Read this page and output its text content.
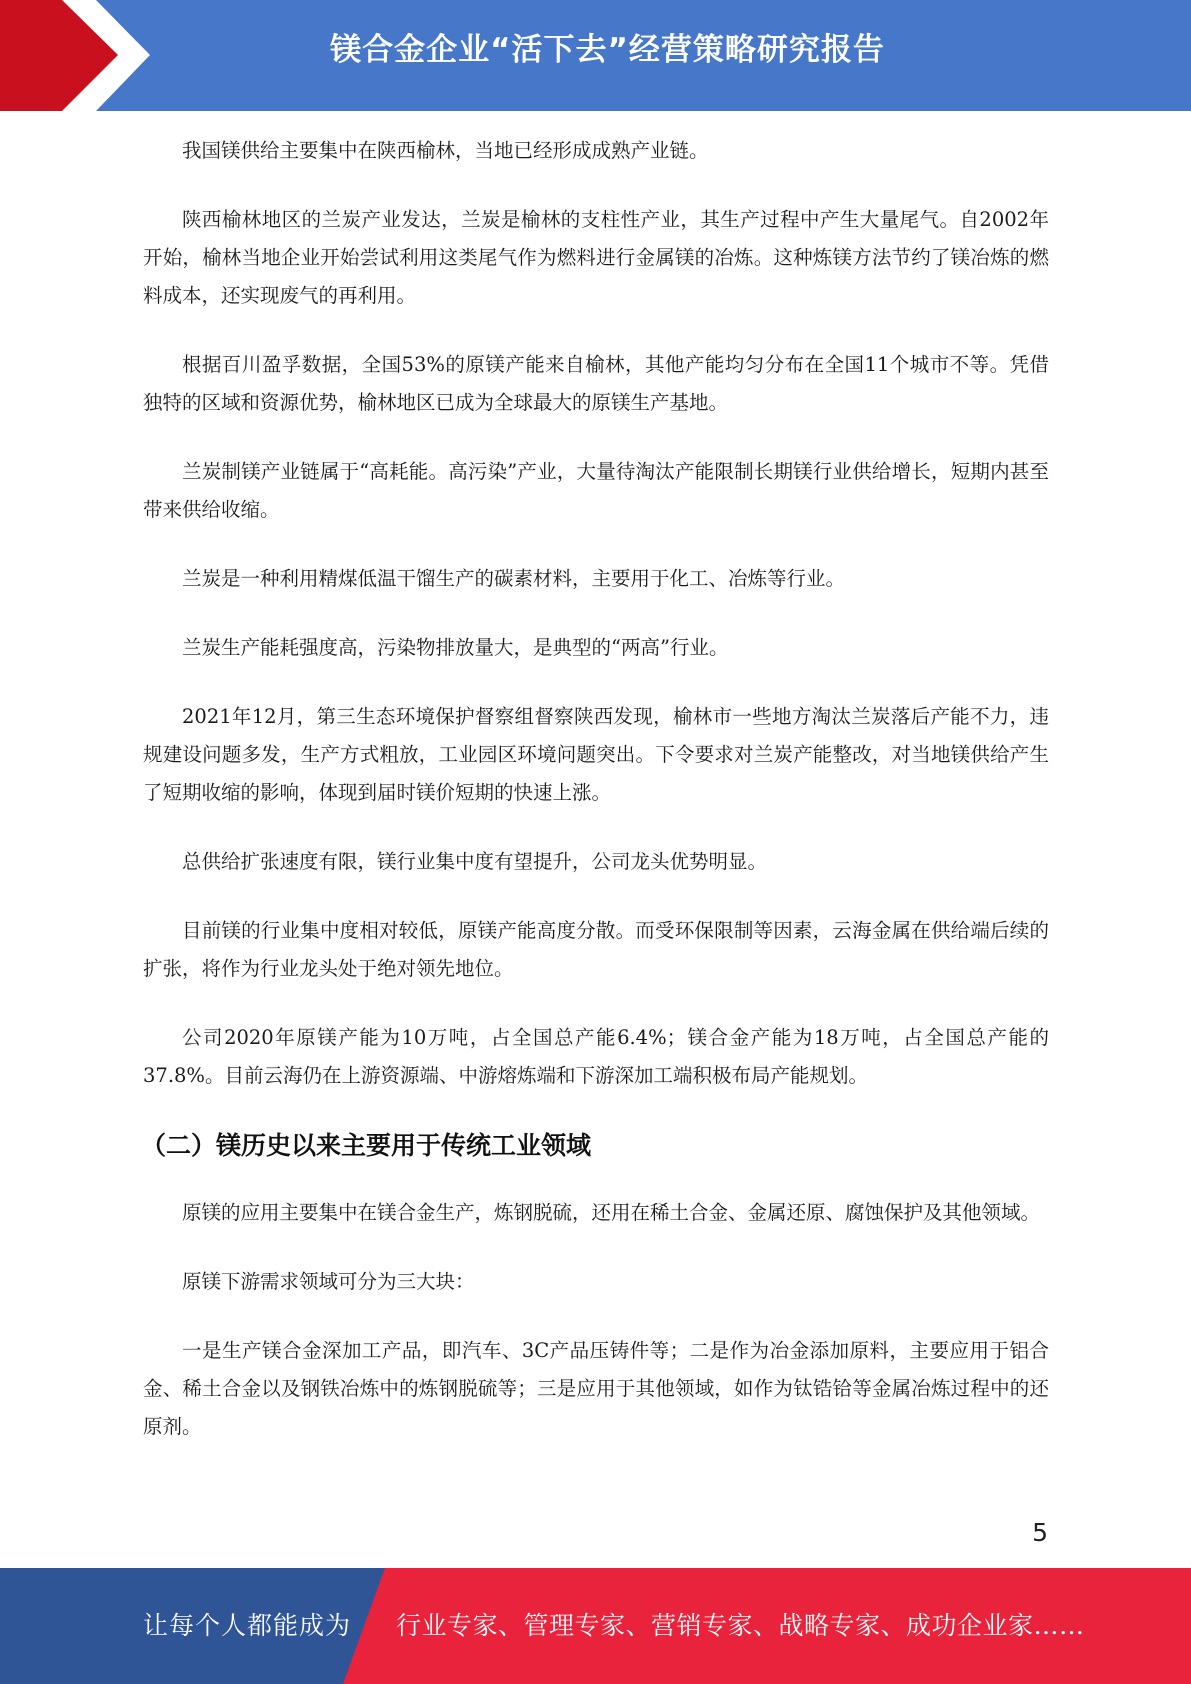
镁合金企业“活下去”经营策略研究报告

我国镁供给主要集中在陕西榆林，当地已经形成成熟产业链。

陕西榆林地区的兰炭产业发达，兰炭是榆林的支柱性产业，其生产过程中产生大量尾气。自2002年开始，榆林当地企业开始尝试利用这类尾气作为燃料进行金属镁的冶炼。这种炼镁方法节约了镁冶炼的燃料成本，还实现废气的再利用。

根据百川盈孚数据，全国53%的原镁产能来自榆林，其他产能均匀分布在全国11个城市不等。凭借独特的区域和资源优势，榆林地区已成为全球最大的原镁生产基地。

兰炭制镁产业链属于“高耗能。高污染”产业，大量待淘汰产能限制长期镁行业供给增长，短期内甚至带来供给收缩。

兰炭是一种利用精煤低温干馏生产的碳素材料，主要用于化工、冶炼等行业。

兰炭生产能耗强度高，污染物排放量大，是典型的“两高”行业。

2021年12月，第三生态环境保护督察组督察陕西发现，榆林市一些地方淘汰兰炭落后产能不力，违规建设问题多发，生产方式粗放，工业园区环境问题突出。下令要求对兰炭产能整改，对当地镁供给产生了短期收缩的影响，体现到届时镁价短期的快速上涨。

总供给扩张速度有限，镁行业集中度有望提升，公司龙头优势明显。

目前镁的行业集中度相对较低，原镁产能高度分散。而受环保限制等因素，云海金属在供给端后续的扩张，将作为行业龙头处于绝对领先地位。

公司2020年原镁产能为10万吨，占全国总产能6.4%；镁合金产能为18万吨，占全国总产能的37.8%。目前云海仍在上游资源端、中游熔炼端和下游深加工端积极布局产能规划。

（二）镁历史以来主要用于传统工业领域

原镁的应用主要集中在镁合金生产，炼钢脱硫，还用在稀土合金、金属还原、腐蚀保护及其他领域。

原镁下游需求领域可分为三大块：

一是生产镁合金深加工产品，即汽车、3C产品压铸件等；二是作为冶金添加原料，主要应用于铝合金、稀土合金以及钢铁冶炼中的炼钢脱硫等；三是应用于其他领域，如作为钛锆铪等金属冶炼过程中的还原剂。

5
让每个人都能成为 行业专家、管理专家、营销专家、战略专家、成功企业家……
